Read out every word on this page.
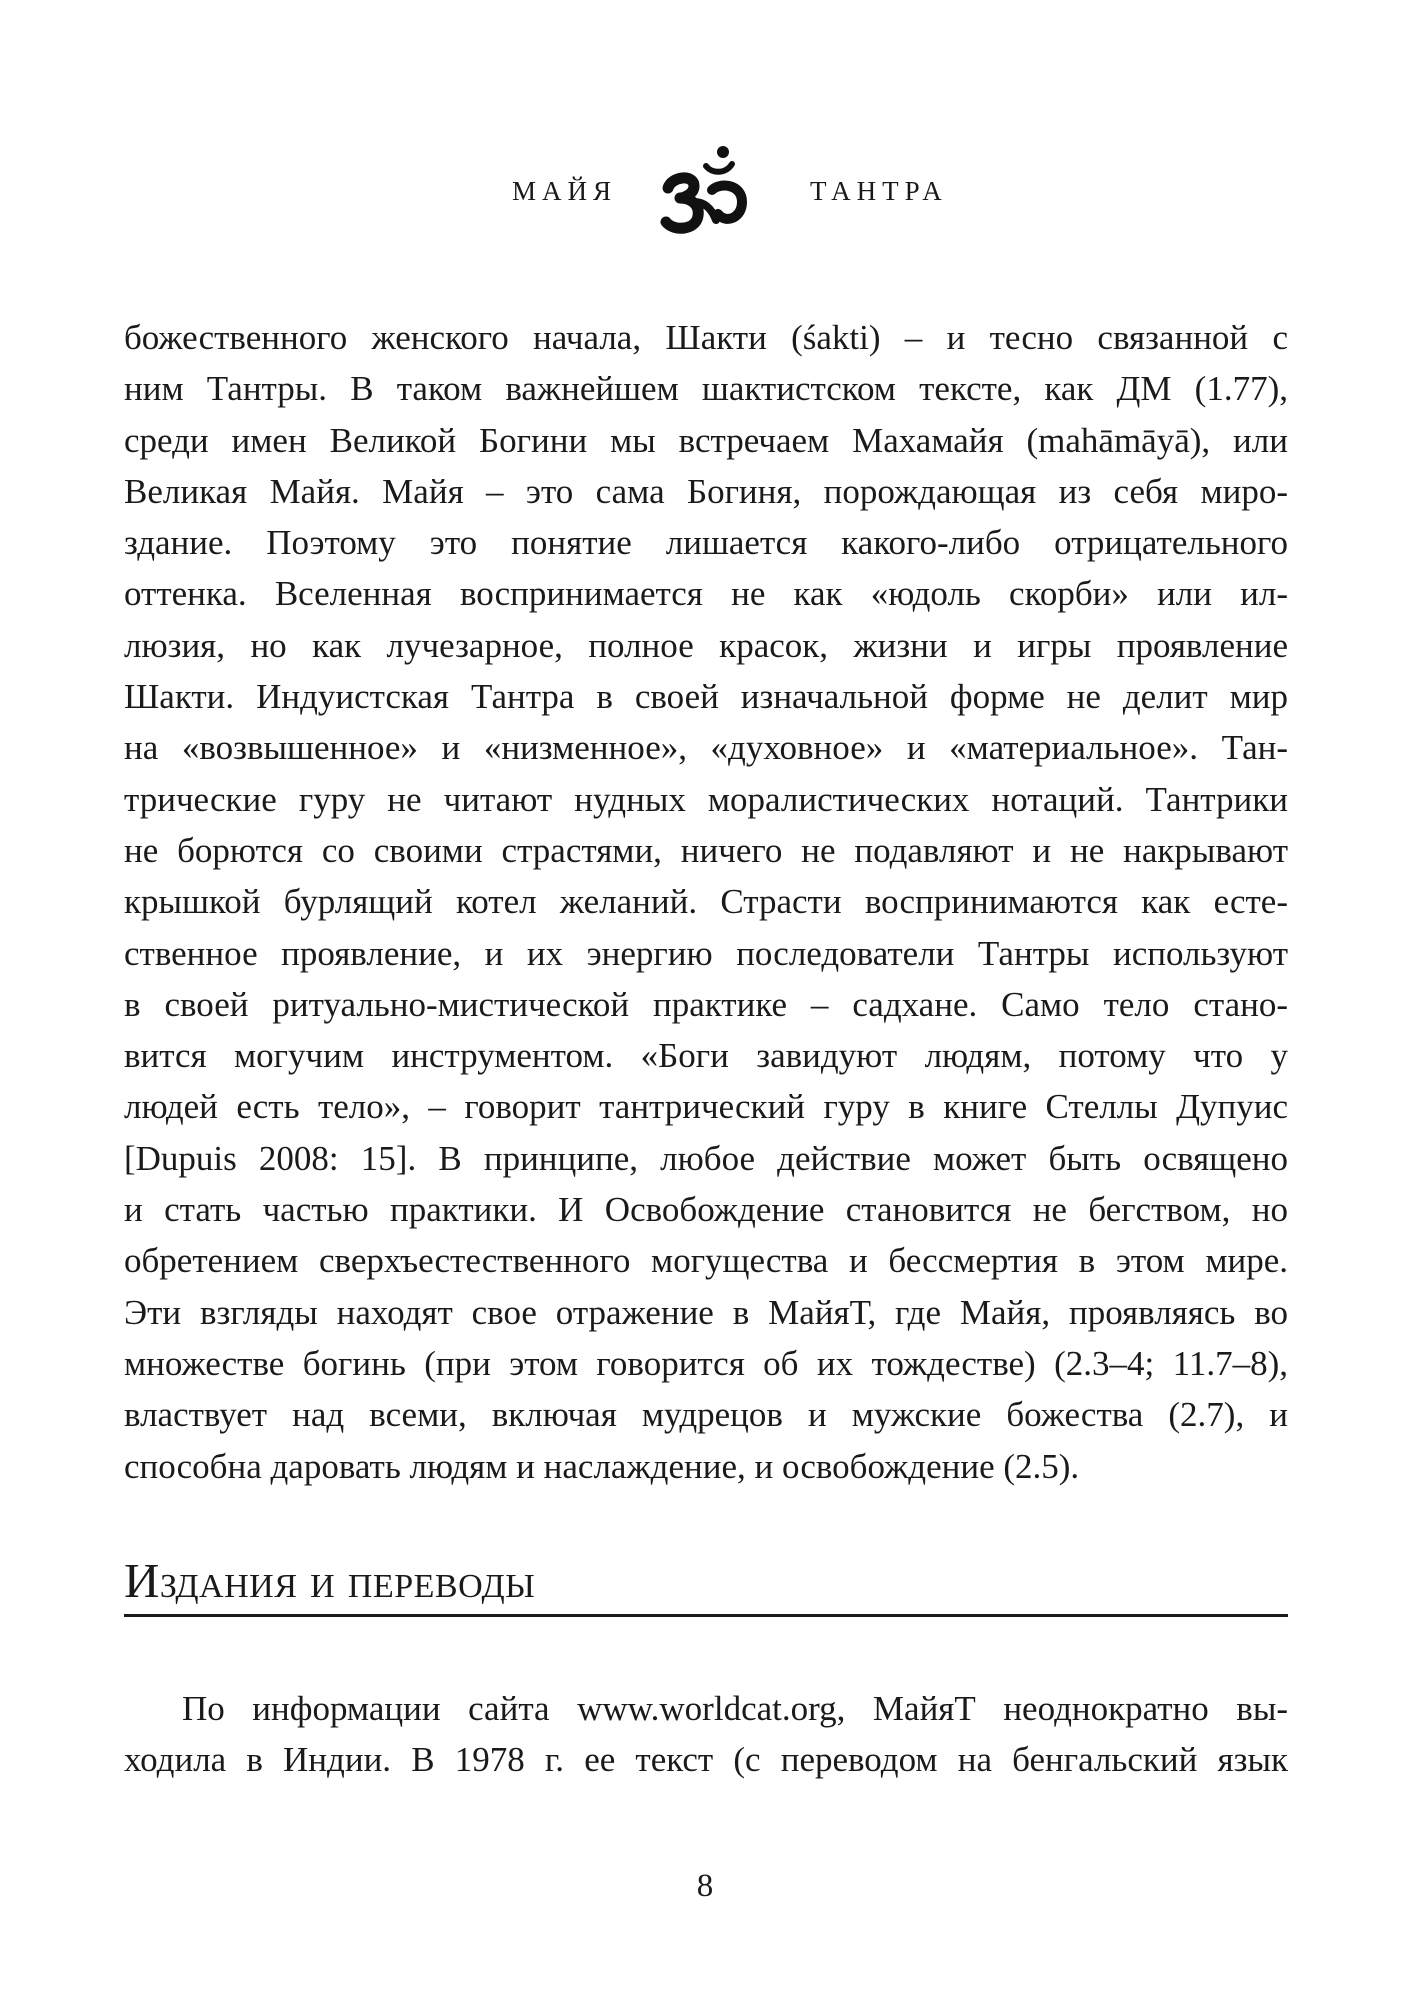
МАЙЯ	ТАНТРА

божественного женского начала, Шакти (śakti) – и тесно связанной с
ним Тантры. В таком важнейшем шактистском тексте, как ДМ (1.77),
среди имен Великой Богини мы встречаем Махамайя (mahāmāyā), или
Великая Майя. Майя – это сама Богиня, порождающая из себя миро-
здание. Поэтому это понятие лишается какого-либо отрицательного
оттенка. Вселенная воспринимается не как «юдоль скорби» или ил-
люзия, но как лучезарное, полное красок, жизни и игры проявление
Шакти. Индуистская Тантра в своей изначальной форме не делит мир
на «возвышенное» и «низменное», «духовное» и «материальное». Тан-
трические гуру не читают нудных моралистических нотаций. Тантрики
не борются со своими страстями, ничего не подавляют и не накрывают
крышкой бурлящий котел желаний. Страсти воспринимаются как есте-
ственное проявление, и их энергию последователи Тантры используют
в своей ритуально-мистической практике – садхане. Само тело стано-
вится могучим инструментом. «Боги завидуют людям, потому что у
людей есть тело», – говорит тантрический гуру в книге Стеллы Дупуис
[Dupuis 2008: 15]. В принципе, любое действие может быть освящено
и стать частью практики. И Освобождение становится не бегством, но
обретением сверхъестественного могущества и бессмертия в этом мире.
Эти взгляды находят свое отражение в МайяТ, где Майя, проявляясь во
множестве богинь (при этом говорится об их тождестве) (2.3–4; 11.7–8),
властвует над всеми, включая мудрецов и мужские божества (2.7), и
способна даровать людям и наслаждение, и освобождение (2.5).

Издания и переводы

По информации сайта www.worldcat.org, МайяТ неоднократно вы-
ходила в Индии. В 1978 г. ее текст (с переводом на бенгальский язык

8
